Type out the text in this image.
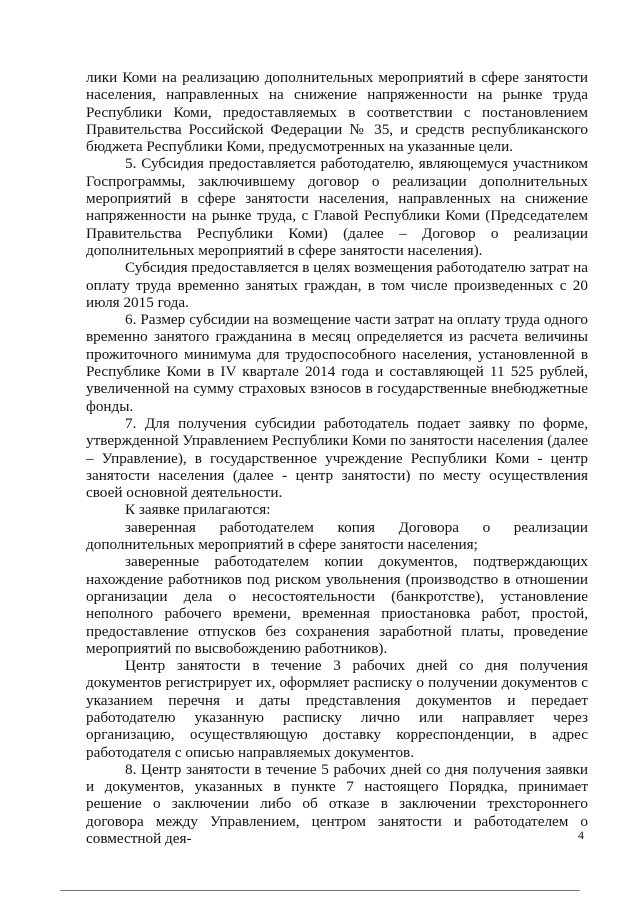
лики Коми на реализацию дополнительных мероприятий в сфере занятости населения, направленных на снижение напряженности на рынке труда Республики Коми, предоставляемых в соответствии с постановлением Правительства Российской Федерации № 35, и средств республиканского бюджета Республики Коми, предусмотренных на указанные цели.

5. Субсидия предоставляется работодателю, являющемуся участником Госпрограммы, заключившему договор о реализации дополнительных мероприятий в сфере занятости населения, направленных на снижение напряженности на рынке труда, с Главой Республики Коми (Председателем Правительства Республики Коми) (далее – Договор о реализации дополнительных мероприятий в сфере занятости населения).

Субсидия предоставляется в целях возмещения работодателю затрат на оплату труда временно занятых граждан, в том числе произведенных с 20 июля 2015 года.

6. Размер субсидии на возмещение части затрат на оплату труда одного временно занятого гражданина в месяц определяется из расчета величины прожиточного минимума для трудоспособного населения, установленной в Республике Коми в IV квартале 2014 года и составляющей 11 525 рублей, увеличенной на сумму страховых взносов в государственные внебюджетные фонды.

7. Для получения субсидии работодатель подает заявку по форме, утвержденной Управлением Республики Коми по занятости населения (далее – Управление), в государственное учреждение Республики Коми - центр занятости населения (далее - центр занятости) по месту осуществления своей основной деятельности.

К заявке прилагаются:

заверенная работодателем копия Договора о реализации дополнительных мероприятий в сфере занятости населения;

заверенные работодателем копии документов, подтверждающих нахождение работников под риском увольнения (производство в отношении организации дела о несостоятельности (банкротстве), установление неполного рабочего времени, временная приостановка работ, простой, предоставление отпусков без сохранения заработной платы, проведение мероприятий по высвобождению работников).

Центр занятости в течение 3 рабочих дней со дня получения документов регистрирует их, оформляет расписку о получении документов с указанием перечня и даты представления документов и передает работодателю указанную расписку лично или направляет через организацию, осуществляющую доставку корреспонденции, в адрес работодателя с описью направляемых документов.

8. Центр занятости в течение 5 рабочих дней со дня получения заявки и документов, указанных в пункте 7 настоящего Порядка, принимает решение о заключении либо об отказе в заключении трехстороннего договора между Управлением, центром занятости и работодателем о совместной дея-	4
